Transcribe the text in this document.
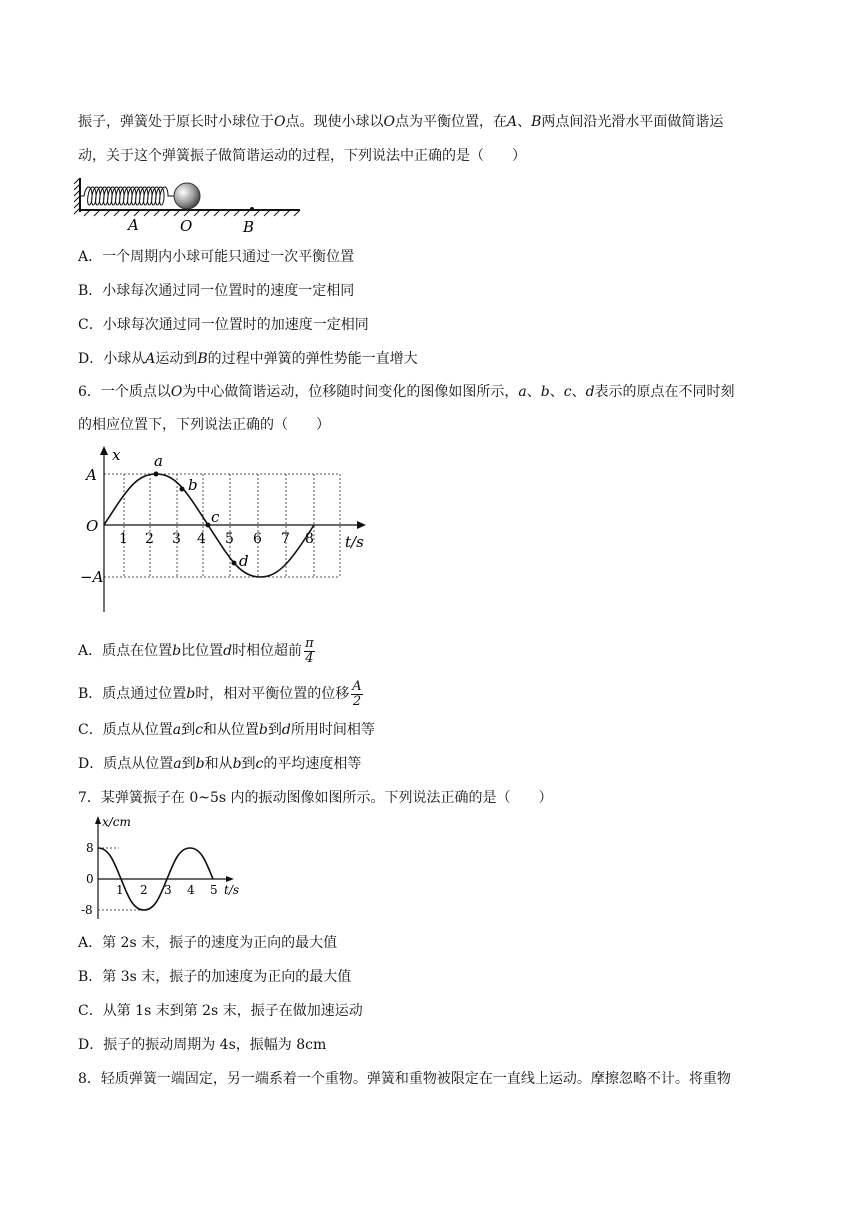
振子，弹簧处于原长时小球位于O点。现使小球以O点为平衡位置，在A、B两点间沿光滑水平面做简谐运
动，关于这个弹簧振子做简谐运动的过程，下列说法中正确的是（　　）
A	O	B
A．一个周期内小球可能只通过一次平衡位置
B．小球每次通过同一位置时的速度一定相同
C．小球每次通过同一位置时的加速度一定相同
D．小球从A运动到B的过程中弹簧的弹性势能一直增大
6．一个质点以O为中心做简谐运动，位移随时间变化的图像如图所示，a、b、c、d表示的原点在不同时刻
的相应位置下，下列说法正确的（　　）
x
t/s
A
−A
O
1 2 3 4 5 6 7 8
a
b
c
d
A．质点在位置b比位置d时相位超前 $\frac{\pi}{4}$
B．质点通过位置b时，相对平衡位置的位移 $\frac{A}{2}$
C．质点从位置a到c和从位置b到d所用时间相等
D．质点从位置a到b和从b到c的平均速度相等
7．某弹簧振子在 0~5s 内的振动图像如图所示。下列说法正确的是（　　）
x/cm
t/s
8
0
-8
1 2 3 4 5
A．第 2s 末，振子的速度为正向的最大值
B．第 3s 末，振子的加速度为正向的最大值
C．从第 1s 末到第 2s 末，振子在做加速运动
D．振子的振动周期为 4s，振幅为 8cm
8．轻质弹簧一端固定，另一端系着一个重物。弹簧和重物被限定在一直线上运动。摩擦忽略不计。将重物
